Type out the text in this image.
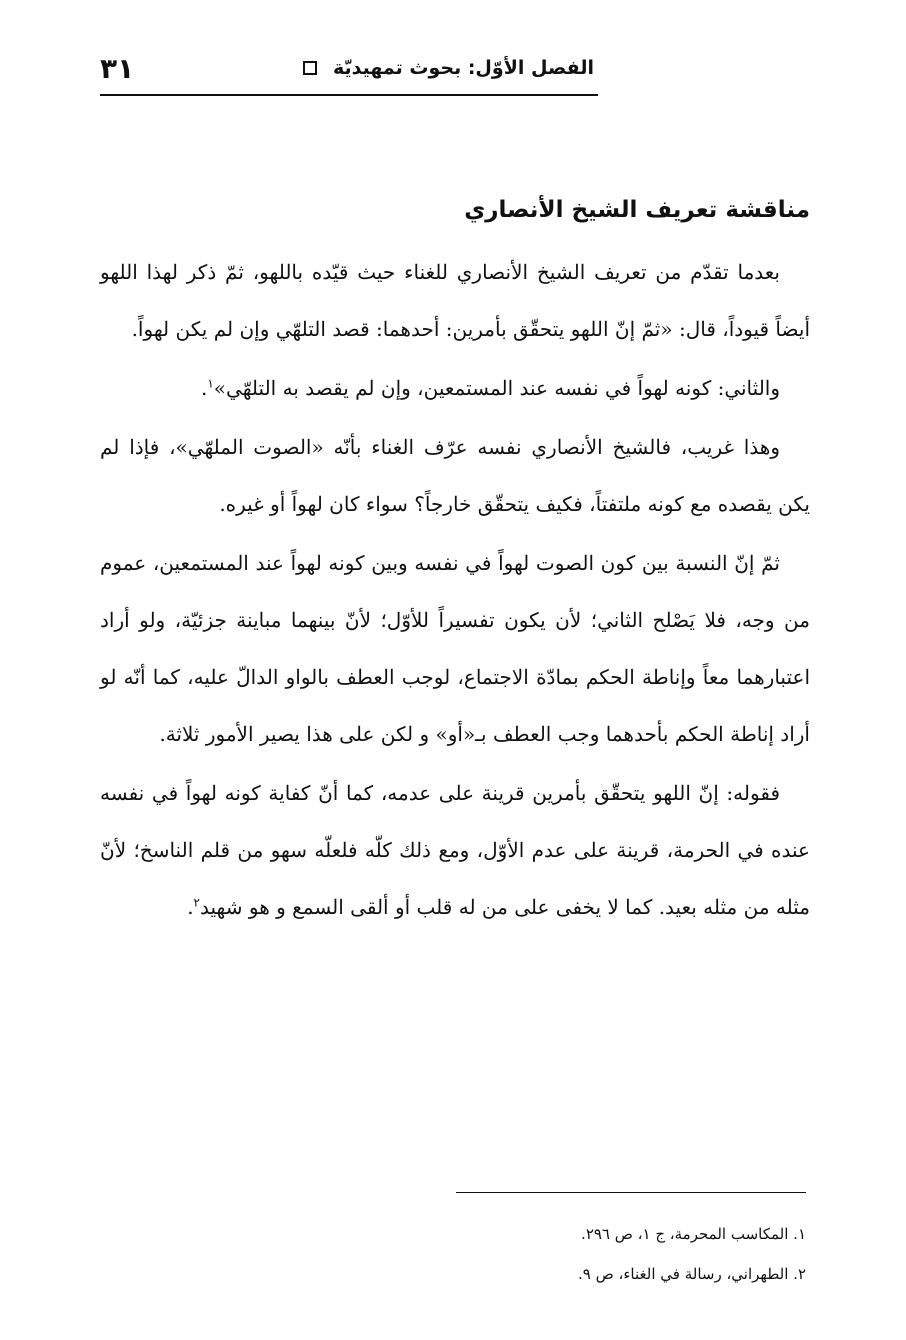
الفصل الأوّل: بحوث تمهيديّة
٣١
مناقشة تعريف الشيخ الأنصاري

بعدما تقدّم من تعريف الشيخ الأنصاري للغناء حيث قيّده باللهو، ثمّ ذكر لهذا اللهو أيضاً قيوداً، قال: «ثمّ إنّ اللهو يتحقّق بأمرين: أحدهما: قصد التلهّي وإن لم يكن لهواً.

والثاني: كونه لهواً في نفسه عند المستمعين، وإن لم يقصد به التلهّي»$^١$.

وهذا غريب، فالشيخ الأنصاري نفسه عرّف الغناء بأنّه «الصوت الملهّي»، فإذا لم يكن يقصده مع كونه ملتفتاً، فكيف يتحقّق خارجاً؟ سواء كان لهواً أو غيره.

ثمّ إنّ النسبة بين كون الصوت لهواً في نفسه وبين كونه لهواً عند المستمعين، عموم من وجه، فلا يَصْلح الثاني؛ لأن يكون تفسيراً للأوّل؛ لأنّ بينهما مباينة جزئيّة، ولو أراد اعتبارهما معاً وإناطة الحكم بمادّة الاجتماع، لوجب العطف بالواو الدالّ عليه، كما أنّه لو أراد إناطة الحكم بأحدهما وجب العطف بـ«أو» و لكن على هذا يصير الأمور ثلاثة.

فقوله: إنّ اللهو يتحقّق بأمرين قرينة على عدمه، كما أنّ كفاية كونه لهواً في نفسه عنده في الحرمة، قرينة على عدم الأوّل، ومع ذلك كلّه فلعلّه سهو من قلم الناسخ؛ لأنّ مثله من مثله بعيد. كما لا يخفى على من له قلب أو ألقى السمع و هو شهيد$^٢$.

١. المكاسب المحرمة، ج ١، ص ٢٩٦.

٢. الطهراني، رسالة في الغناء، ص ٩.
